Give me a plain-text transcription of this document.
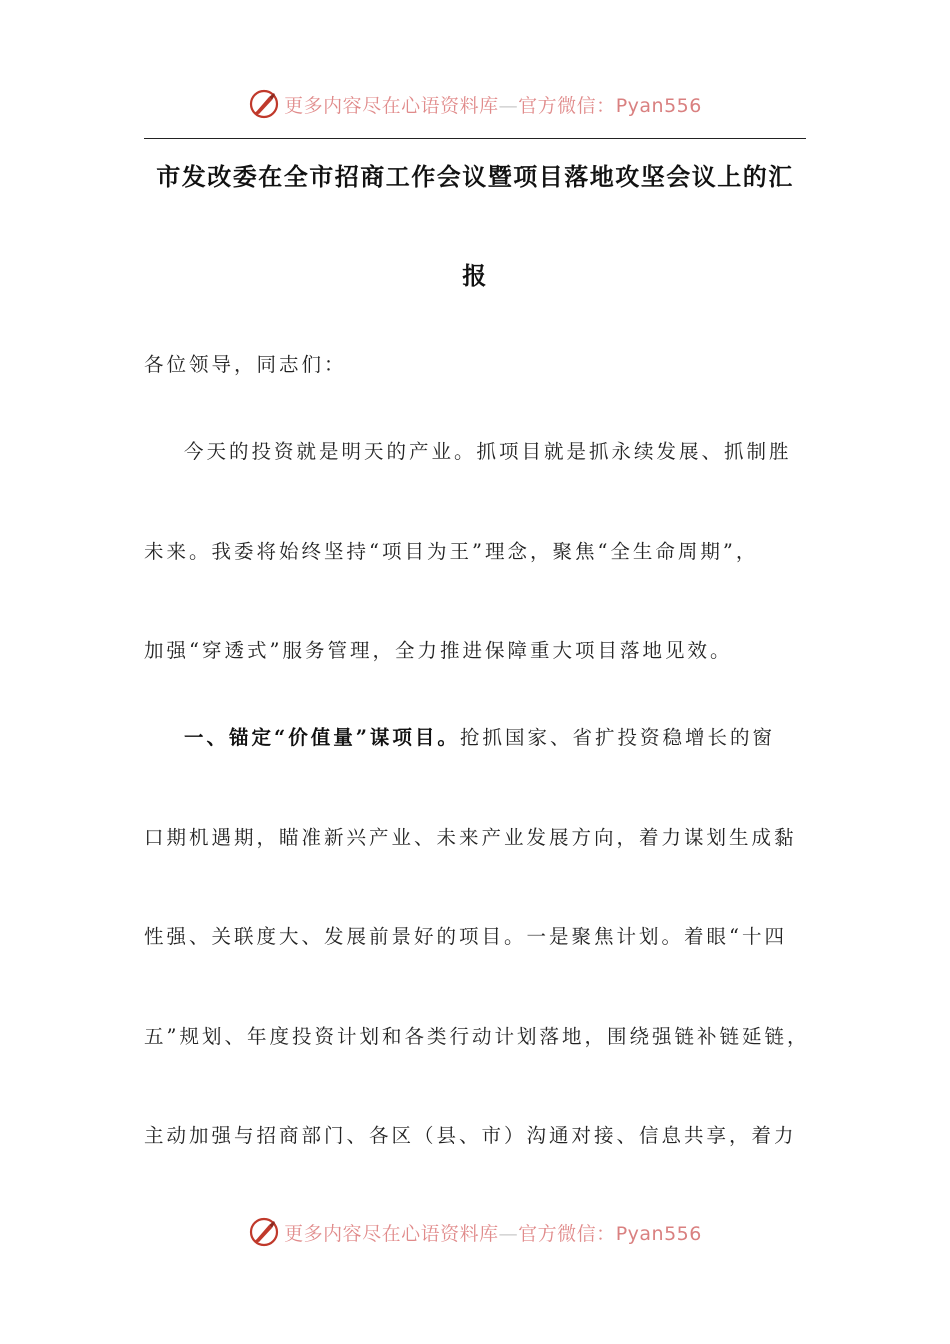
更多内容尽在心语资料库—官方微信：Pyan556
市发改委在全市招商工作会议暨项目落地攻坚会议上的汇
报

各位领导，同志们：

今天的投资就是明天的产业。抓项目就是抓永续发展、抓制胜

未来。我委将始终坚持“项目为王”理念，聚焦“全生命周期”，

加强“穿透式”服务管理，全力推进保障重大项目落地见效。

一、锚定“价值量”谋项目。抢抓国家、省扩投资稳增长的窗

口期机遇期，瞄准新兴产业、未来产业发展方向，着力谋划生成黏

性强、关联度大、发展前景好的项目。一是聚焦计划。着眼“十四

五”规划、年度投资计划和各类行动计划落地，围绕强链补链延链，

主动加强与招商部门、各区（县、市）沟通对接、信息共享，着力

更多内容尽在心语资料库—官方微信：Pyan556
